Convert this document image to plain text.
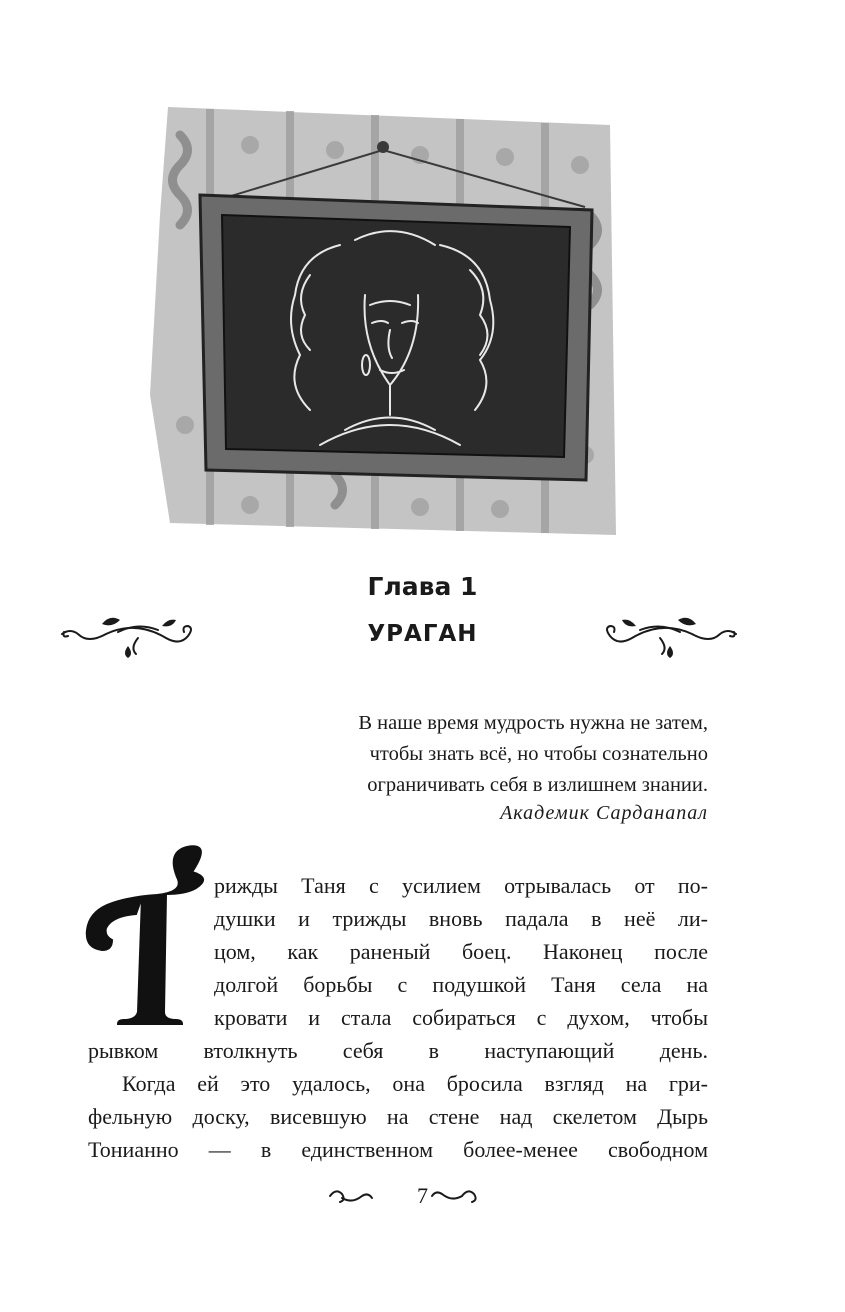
Глава 1
УРАГАН
В наше время мудрость нужна не затем,
чтобы знать всё, но чтобы сознательно
ограничивать себя в излишнем знании.
Академик Сарданапал
рижды Таня с усилием отрывалась от по-
душки и трижды вновь падала в неё ли-
цом, как раненый боец. Наконец после
долгой борьбы с подушкой Таня села на
кровати и стала собираться с духом, чтобы
рывком втолкнуть себя в наступающий день.
Когда ей это удалось, она бросила взгляд на гри-
фельную доску, висевшую на стене над скелетом Дырь
Тонианно — в единственном более-менее свободном
7
